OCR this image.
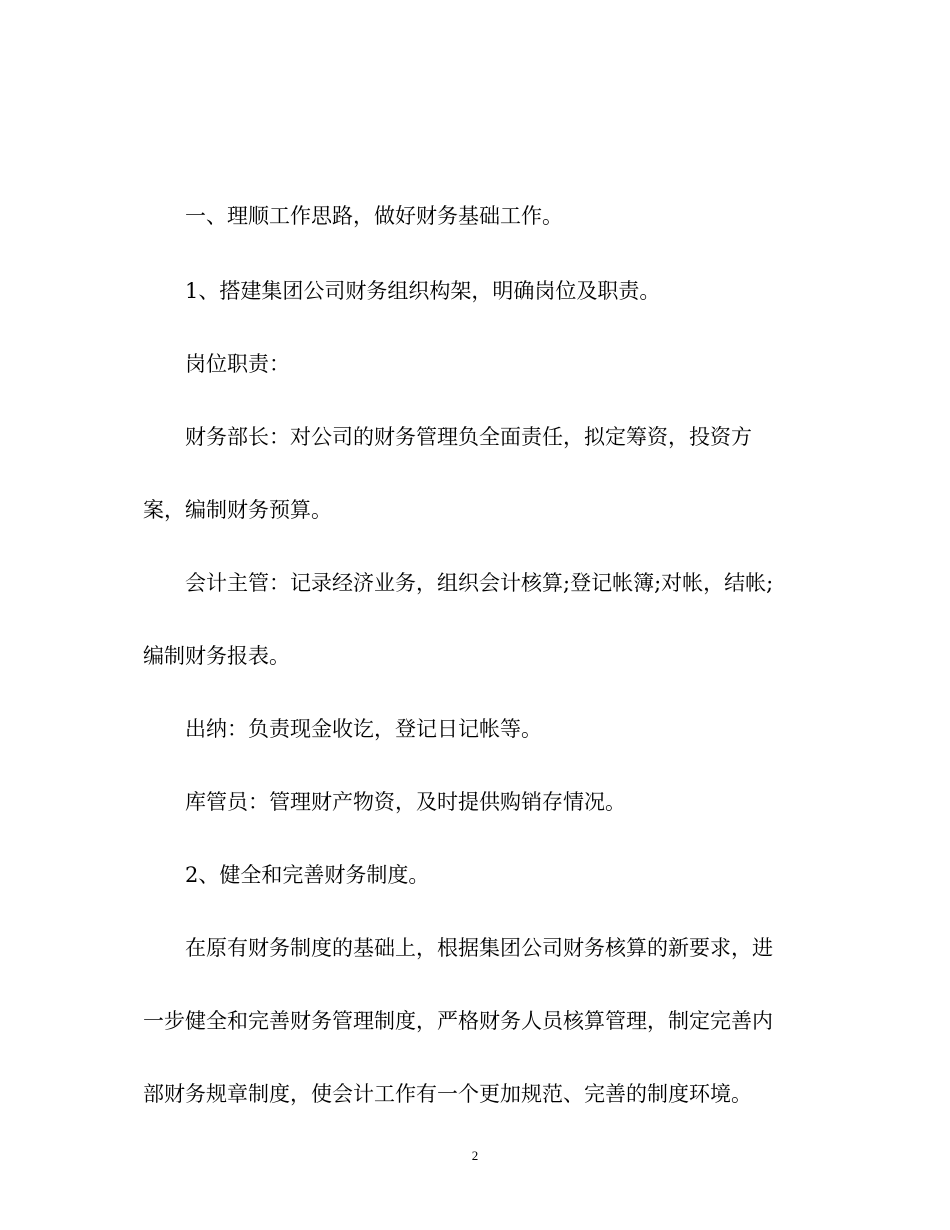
一、理顺工作思路，做好财务基础工作。
1、搭建集团公司财务组织构架，明确岗位及职责。
岗位职责：
财务部长：对公司的财务管理负全面责任，拟定筹资，投资方
案，编制财务预算。
会计主管：记录经济业务，组织会计核算;登记帐簿;对帐，结帐;
编制财务报表。
出纳：负责现金收讫，登记日记帐等。
库管员：管理财产物资，及时提供购销存情况。
2、健全和完善财务制度。
在原有财务制度的基础上，根据集团公司财务核算的新要求，进
一步健全和完善财务管理制度，严格财务人员核算管理，制定完善内
部财务规章制度，使会计工作有一个更加规范、完善的制度环境。
2
